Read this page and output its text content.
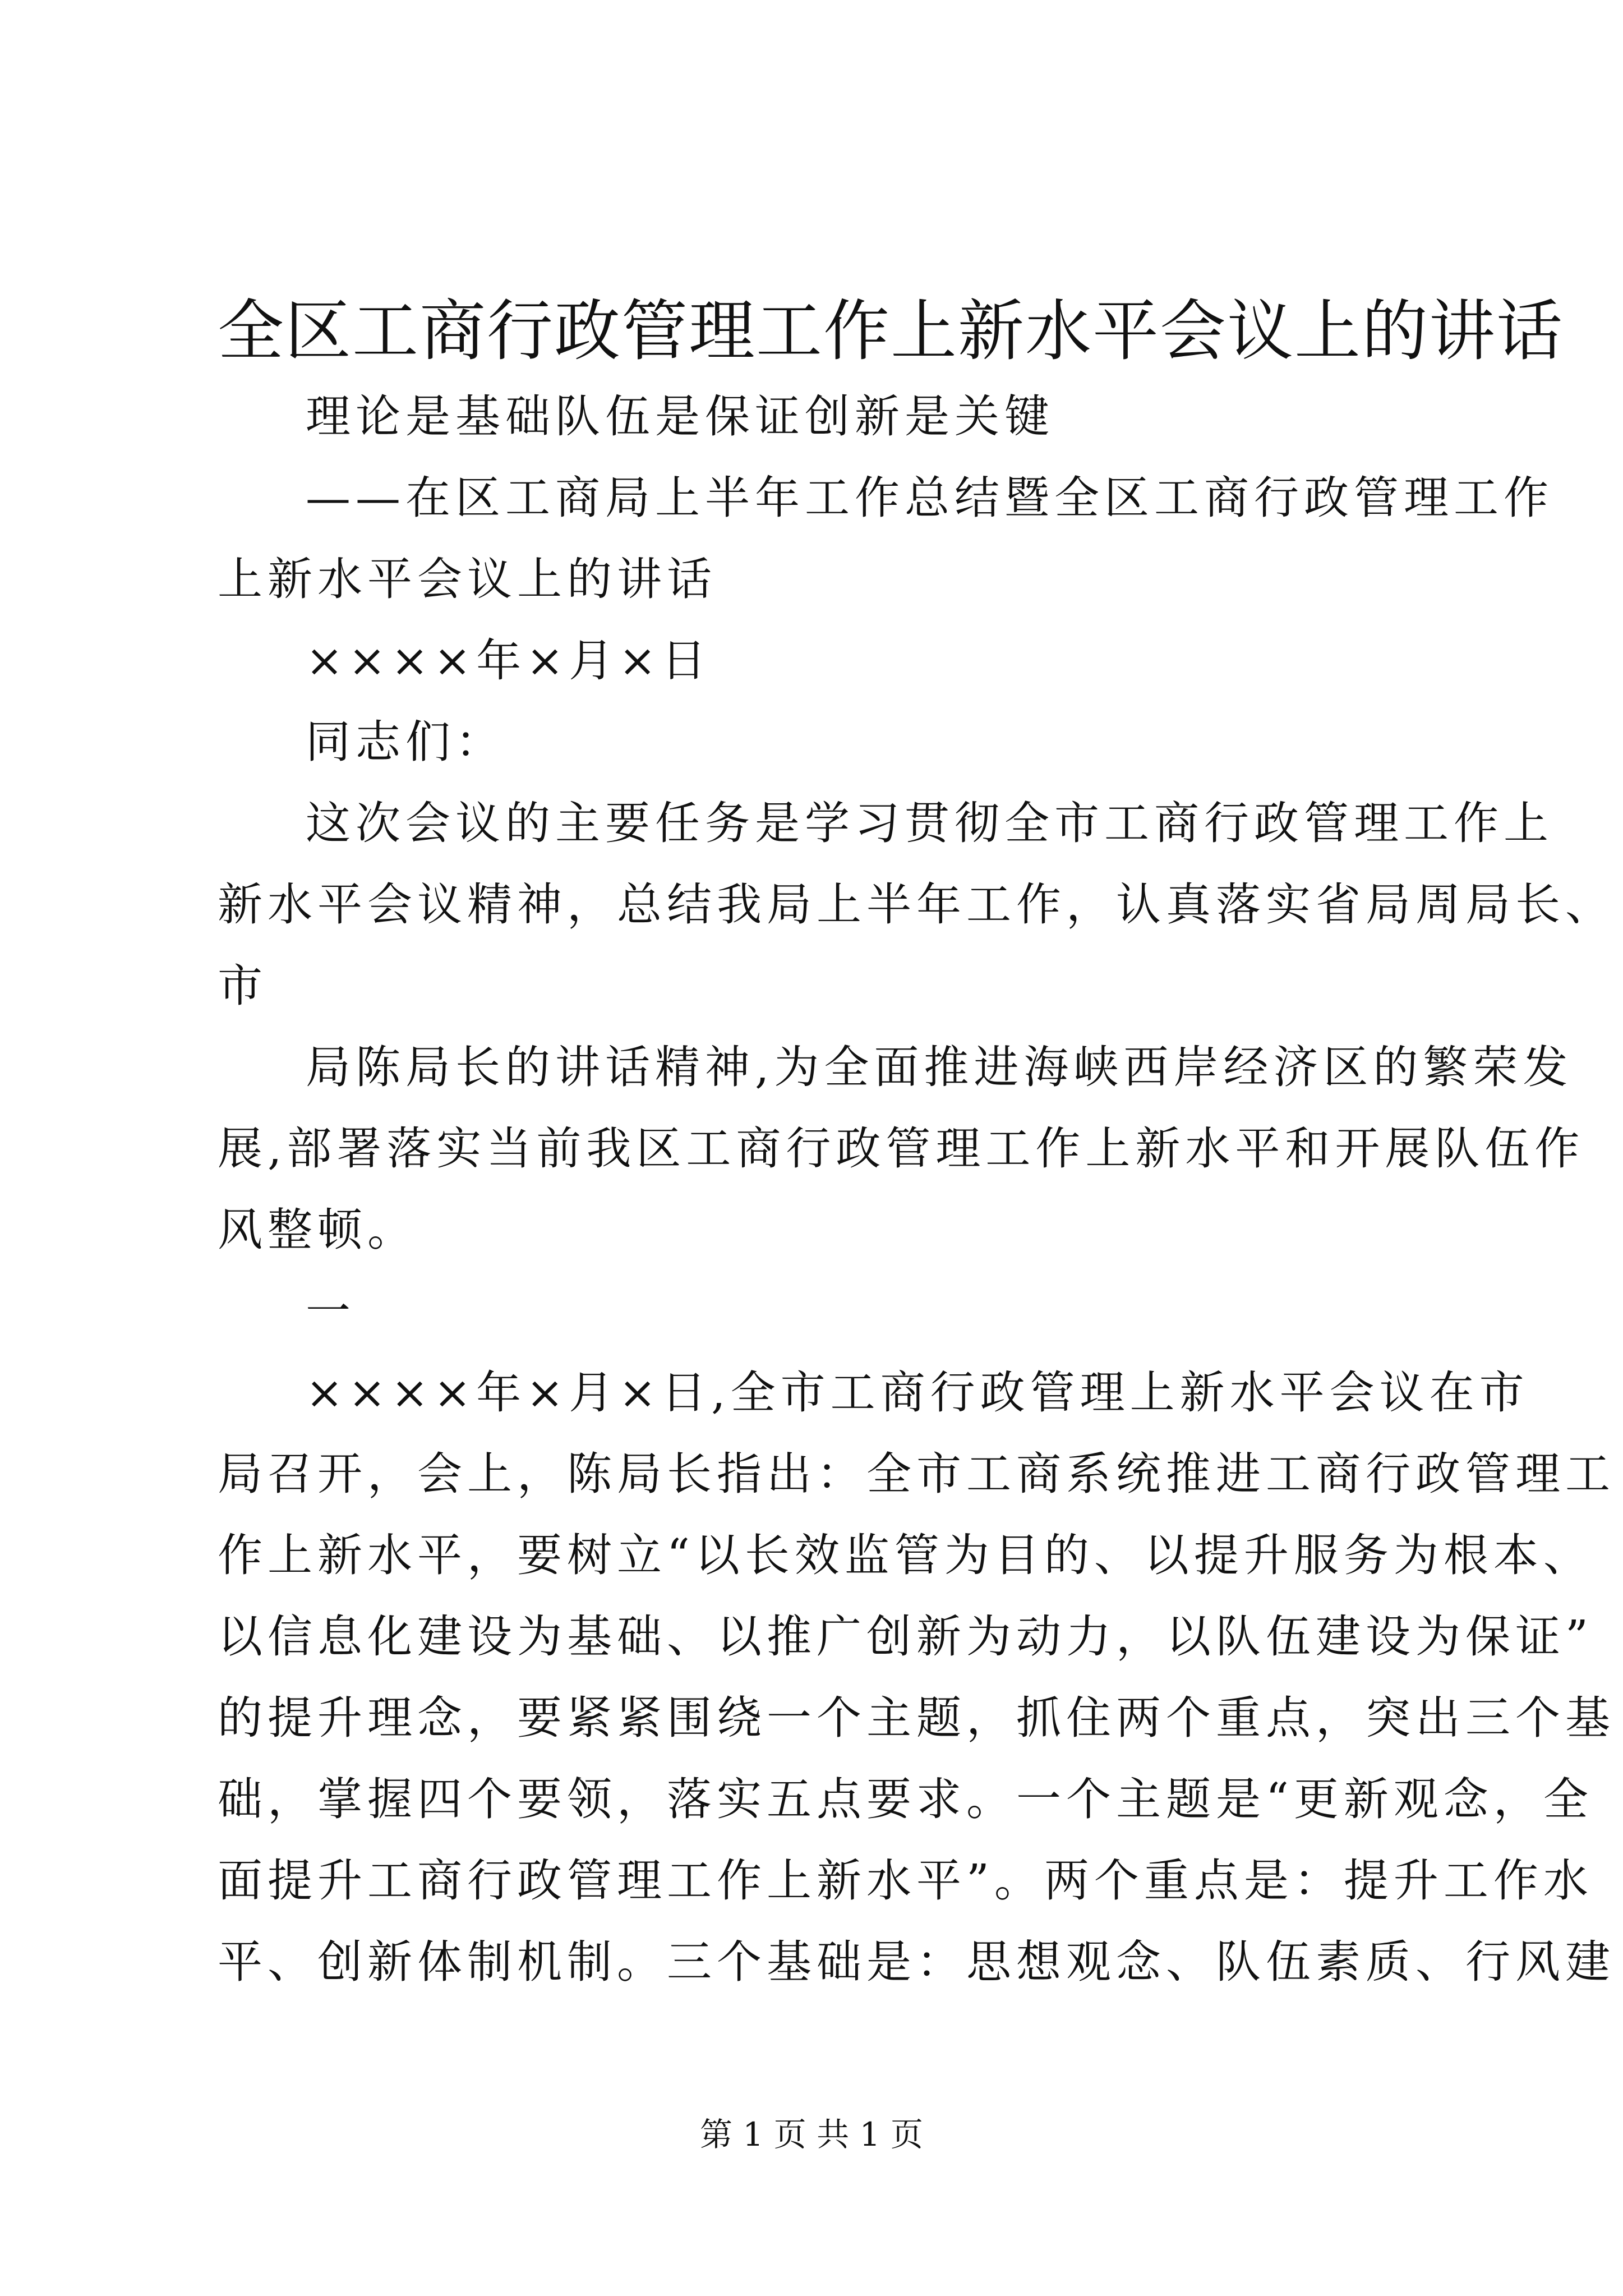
全区工商行政管理工作上新水平会议上的讲话
理论是基础队伍是保证创新是关键
——在区工商局上半年工作总结暨全区工商行政管理工作
上新水平会议上的讲话
××××年×月×日
同志们：
这次会议的主要任务是学习贯彻全市工商行政管理工作上
新水平会议精神，总结我局上半年工作，认真落实省局周局长、
市
局陈局长的讲话精神,为全面推进海峡西岸经济区的繁荣发
展,部署落实当前我区工商行政管理工作上新水平和开展队伍作
风整顿。
一
××××年×月×日,全市工商行政管理上新水平会议在市
局召开，会上，陈局长指出：全市工商系统推进工商行政管理工
作上新水平，要树立“以长效监管为目的、以提升服务为根本、
以信息化建设为基础、以推广创新为动力，以队伍建设为保证”
的提升理念，要紧紧围绕一个主题，抓住两个重点，突出三个基
础，掌握四个要领，落实五点要求。一个主题是“更新观念，全
面提升工商行政管理工作上新水平”。两个重点是：提升工作水
平、创新体制机制。三个基础是：思想观念、队伍素质、行风建
第 1 页 共 1 页
